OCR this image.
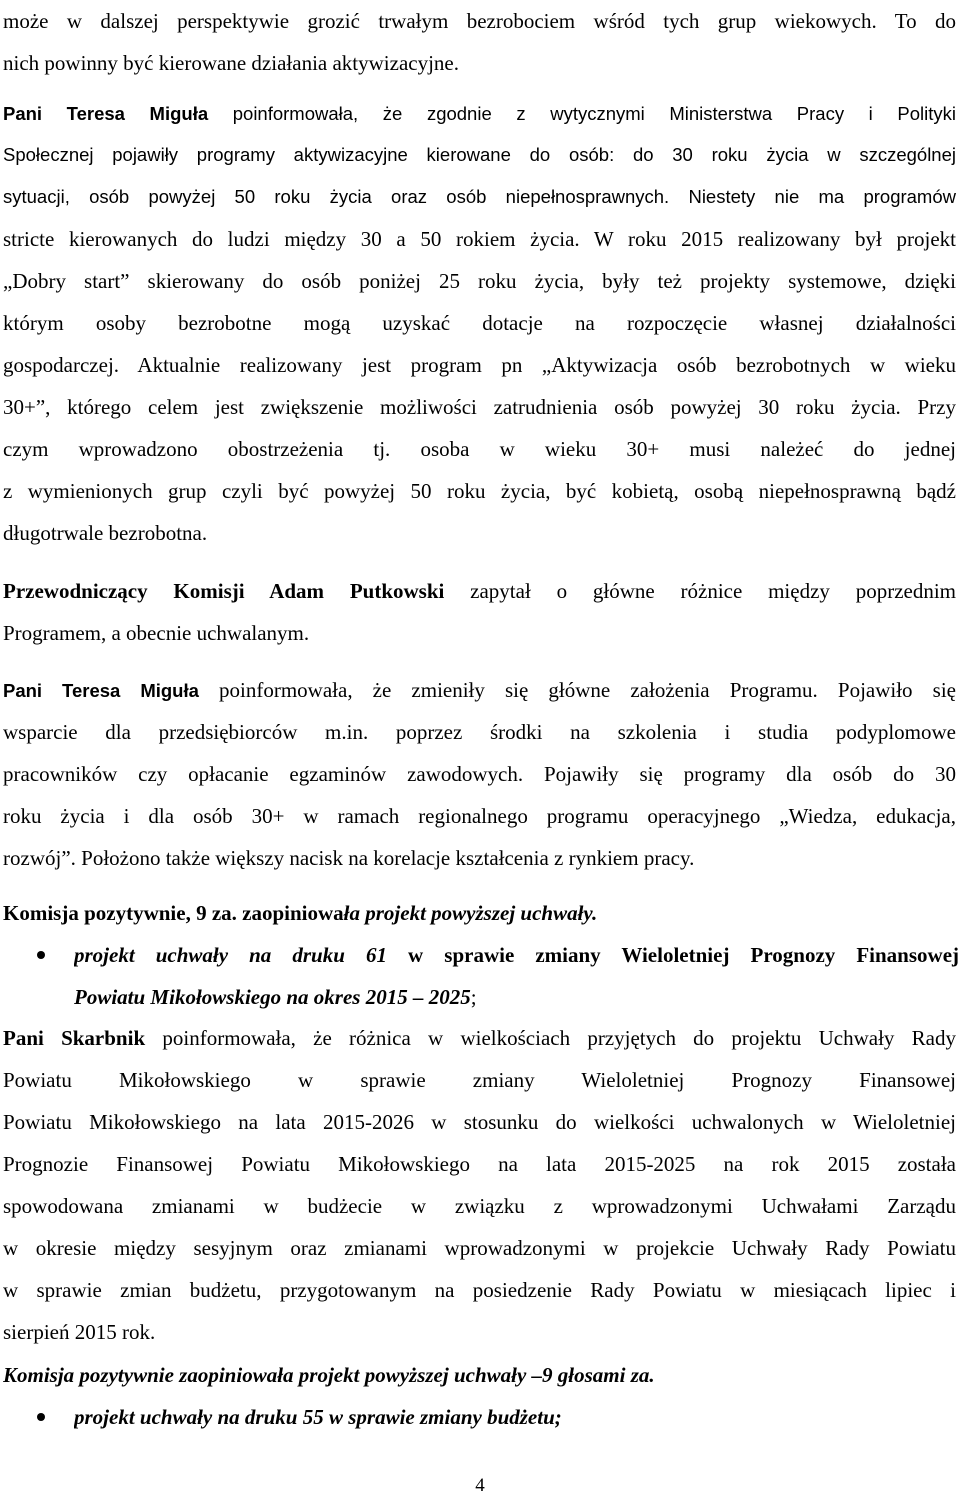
może w dalszej perspektywie grozić trwałym bezrobociem wśród tych grup wiekowych. To do
nich powinny być kierowane działania aktywizacyjne.
Pani Teresa Miguła poinformowała, że zgodnie z wytycznymi Ministerstwa Pracy i Polityki
Społecznej pojawiły programy aktywizacyjne kierowane do osób: do 30 roku życia w szczególnej
sytuacji, osób powyżej 50 roku życia oraz osób niepełnosprawnych. Niestety nie ma programów
stricte kierowanych do ludzi między 30 a 50 rokiem życia. W roku 2015 realizowany był projekt
„Dobry start” skierowany do osób poniżej 25 roku życia, były też projekty systemowe, dzięki
którym osoby bezrobotne mogą uzyskać dotacje na rozpoczęcie własnej działalności
gospodarczej. Aktualnie realizowany jest program pn „Aktywizacja osób bezrobotnych w wieku
30+”, którego celem jest zwiększenie możliwości zatrudnienia osób powyżej 30 roku życia. Przy
czym wprowadzono obostrzeżenia tj. osoba w wieku 30+ musi należeć do jednej
z wymienionych grup czyli być powyżej 50 roku życia, być kobietą, osobą niepełnosprawną bądź
długotrwale bezrobotna.
Przewodniczący Komisji Adam Putkowski zapytał o główne różnice między poprzednim
Programem, a obecnie uchwalanym.
Pani Teresa Miguła poinformowała, że zmieniły się główne założenia Programu. Pojawiło się
wsparcie dla przedsiębiorców m.in. poprzez środki na szkolenia i studia podyplomowe
pracowników czy opłacanie egzaminów zawodowych. Pojawiły się programy dla osób do 30
roku życia i dla osób 30+ w ramach regionalnego programu operacyjnego „Wiedza, edukacja,
rozwój”. Położono także większy nacisk na korelacje kształcenia z rynkiem pracy.
Komisja pozytywnie, 9 za. zaopiniowała projekt powyższej uchwały.
projekt uchwały na druku 61 w sprawie zmiany Wieloletniej Prognozy Finansowej
Powiatu Mikołowskiego na okres 2015 – 2025;
Pani Skarbnik poinformowała, że różnica w wielkościach przyjętych do projektu Uchwały Rady
Powiatu Mikołowskiego w sprawie zmiany Wieloletniej Prognozy Finansowej
Powiatu Mikołowskiego na lata 2015-2026 w stosunku do wielkości uchwalonych w Wieloletniej
Prognozie Finansowej Powiatu Mikołowskiego na lata 2015-2025 na rok 2015 została
spowodowana zmianami w budżecie w związku z wprowadzonymi Uchwałami Zarządu
w okresie między sesyjnym oraz zmianami wprowadzonymi w projekcie Uchwały Rady Powiatu
w sprawie zmian budżetu, przygotowanym na posiedzenie Rady Powiatu w miesiącach lipiec i
sierpień 2015 rok.
Komisja pozytywnie zaopiniowała projekt powyższej uchwały –9 głosami za.
projekt uchwały na druku 55 w sprawie zmiany budżetu;
4
